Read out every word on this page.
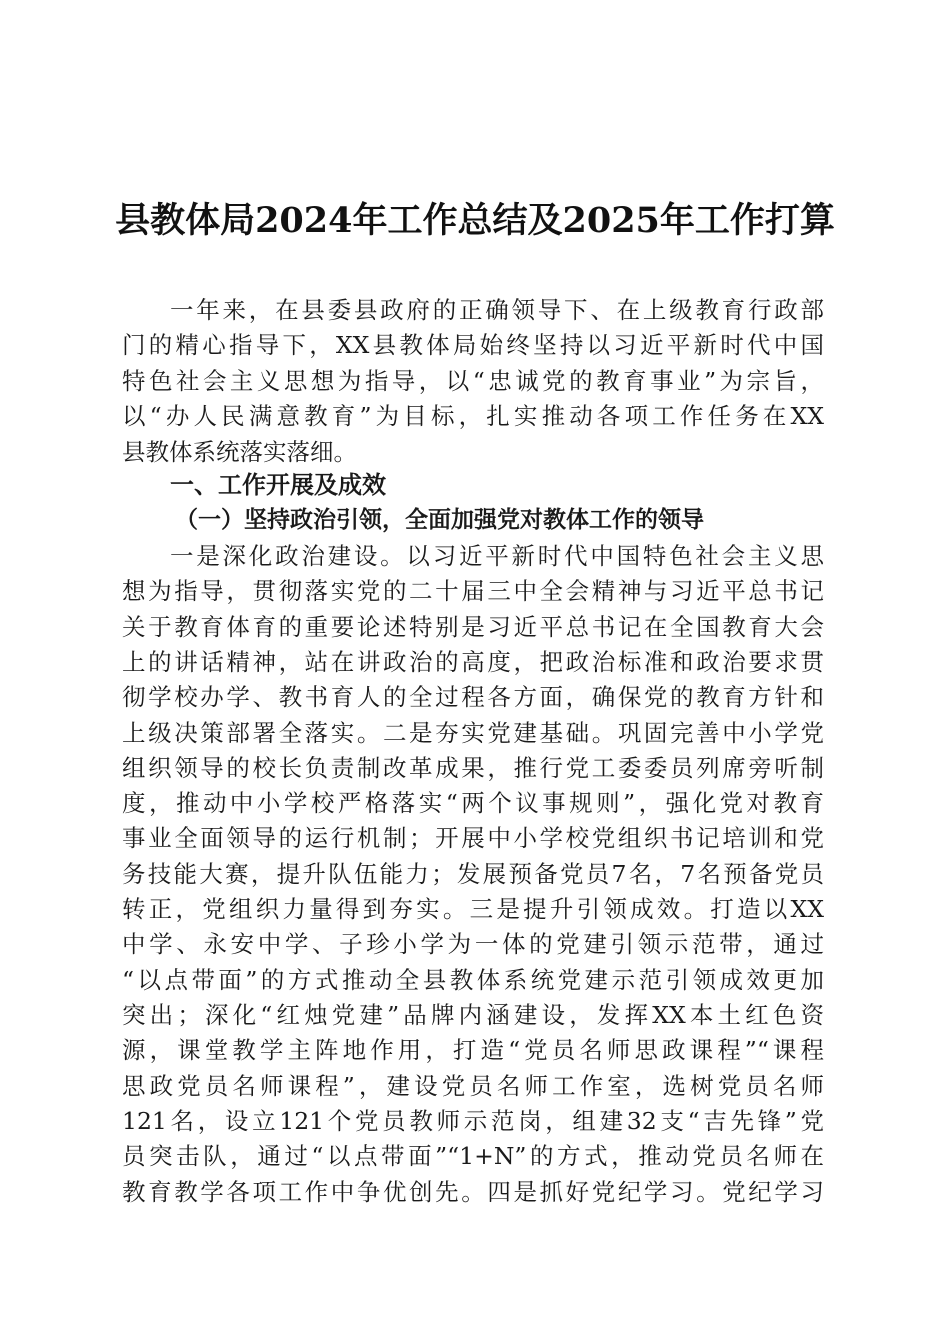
县教体局2024年工作总结及2025年工作打算
一年来，在县委县政府的正确领导下、在上级教育行政部
门的精心指导下，XX县教体局始终坚持以习近平新时代中国
特色社会主义思想为指导，以“忠诚党的教育事业”为宗旨，
以“办人民满意教育”为目标，扎实推动各项工作任务在XX
县教体系统落实落细。
一、工作开展及成效
（一）坚持政治引领，全面加强党对教体工作的领导
一是深化政治建设。以习近平新时代中国特色社会主义思
想为指导，贯彻落实党的二十届三中全会精神与习近平总书记
关于教育体育的重要论述特别是习近平总书记在全国教育大会
上的讲话精神，站在讲政治的高度，把政治标准和政治要求贯
彻学校办学、教书育人的全过程各方面，确保党的教育方针和
上级决策部署全落实。二是夯实党建基础。巩固完善中小学党
组织领导的校长负责制改革成果，推行党工委委员列席旁听制
度，推动中小学校严格落实“两个议事规则”，强化党对教育
事业全面领导的运行机制；开展中小学校党组织书记培训和党
务技能大赛，提升队伍能力；发展预备党员7名，7名预备党员
转正，党组织力量得到夯实。三是提升引领成效。打造以XX
中学、永安中学、子珍小学为一体的党建引领示范带，通过
“以点带面”的方式推动全县教体系统党建示范引领成效更加
突出；深化“红烛党建”品牌内涵建设，发挥XX本土红色资
源，课堂教学主阵地作用，打造“党员名师思政课程”“课程
思政党员名师课程”，建设党员名师工作室，选树党员名师
121名，设立121个党员教师示范岗，组建32支“吉先锋”党
员突击队，通过“以点带面”“1+N”的方式，推动党员名师在
教育教学各项工作中争优创先。四是抓好党纪学习。党纪学习
